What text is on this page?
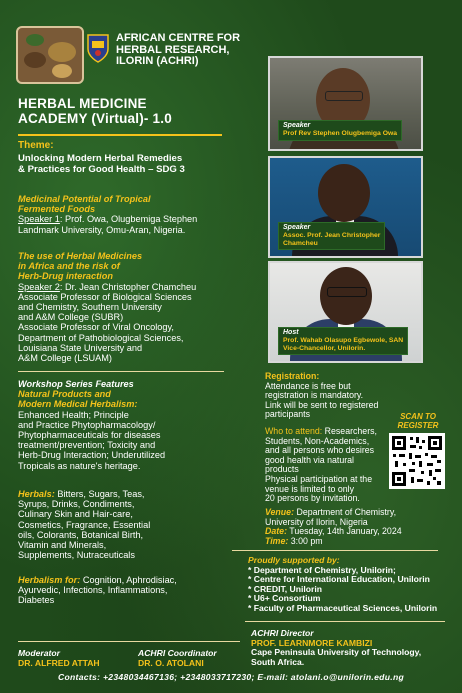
AFRICAN CENTRE FOR
HERBAL RESEARCH,
ILORIN (ACHRI)
HERBAL MEDICINE
ACADEMY (Virtual)- 1.0
Theme:
Unlocking Modern Herbal Remedies
& Practices for Good Health – SDG 3
Medicinal Potential of Tropical
Fermented Foods
Speaker 1: Prof. Owa, Olugbemiga Stephen
Landmark University, Omu-Aran, Nigeria.
The use of Herbal Medicines
in Africa and the risk of
Herb-Drug interaction
Speaker 2: Dr. Jean Christopher Chamcheu
Associate Professor of Biological Sciences
and Chemistry, Southern University
and A&M College (SUBR)
Associate Professor of Viral Oncology,
Department of Pathobiological Sciences,
Louisiana State University and
A&M College (LSUAM)
Workshop Series Features
Natural Products and
Modern Medical Herbalism:
Enhanced Health; Principle
and Practice Phytopharmacology/
Phytopharmaceuticals for diseases
treatment/prevention; Toxicity and
Herb-Drug Interaction; Underutilized
Tropicals as nature's heritage.
Herbals: Bitters, Sugars, Teas,
Syrups, Drinks, Condiments,
Culinary Skin and Hair-care,
Cosmetics, Fragrance, Essential
oils, Colorants, Botanical Birth,
Vitamin and Minerals,
Supplements, Nutraceuticals
Herbalism for: Cognition, Aphrodisiac,
Ayurvedic, Infections, Inflammations,
Diabetes
Speaker
Prof Rev Stephen Olugbemiga Owa
Speaker
Assoc. Prof. Jean Christopher
Chamcheu
Host
Prof. Wahab Olasupo Egbewole, SAN
Vice-Chancellor, Unilorin.
Registration:
Attendance is free but
registration is mandatory.
Link will be sent to registered
participants	SCAN TO
REGISTER
Who to attend: Researchers,
Students, Non-Academics,
and all persons who desires
good health via natural
products
Physical participation at the
venue is limited to only
20 persons by invitation.
Venue: Department of Chemistry,
University of Ilorin, Nigeria
Date: Tuesday, 14th January, 2024
Time: 3:00 pm
Proudly supported by:
* Department of Chemistry, Unilorin;
* Centre for International Education, Unilorin
* CREDIT, Unilorin
* U6+ Consortium
* Faculty of Pharmaceutical Sciences, Unilorin
Moderator
DR. ALFRED ATTAH
ACHRI Coordinator
DR. O. ATOLANI
ACHRI Director
PROF. LEARNMORE KAMBIZI
Cape Peninsula University of Technology,
South Africa.
Contacts: +2348034467136; +2348033717230; E-mail: atolani.o@unilorin.edu.ng
